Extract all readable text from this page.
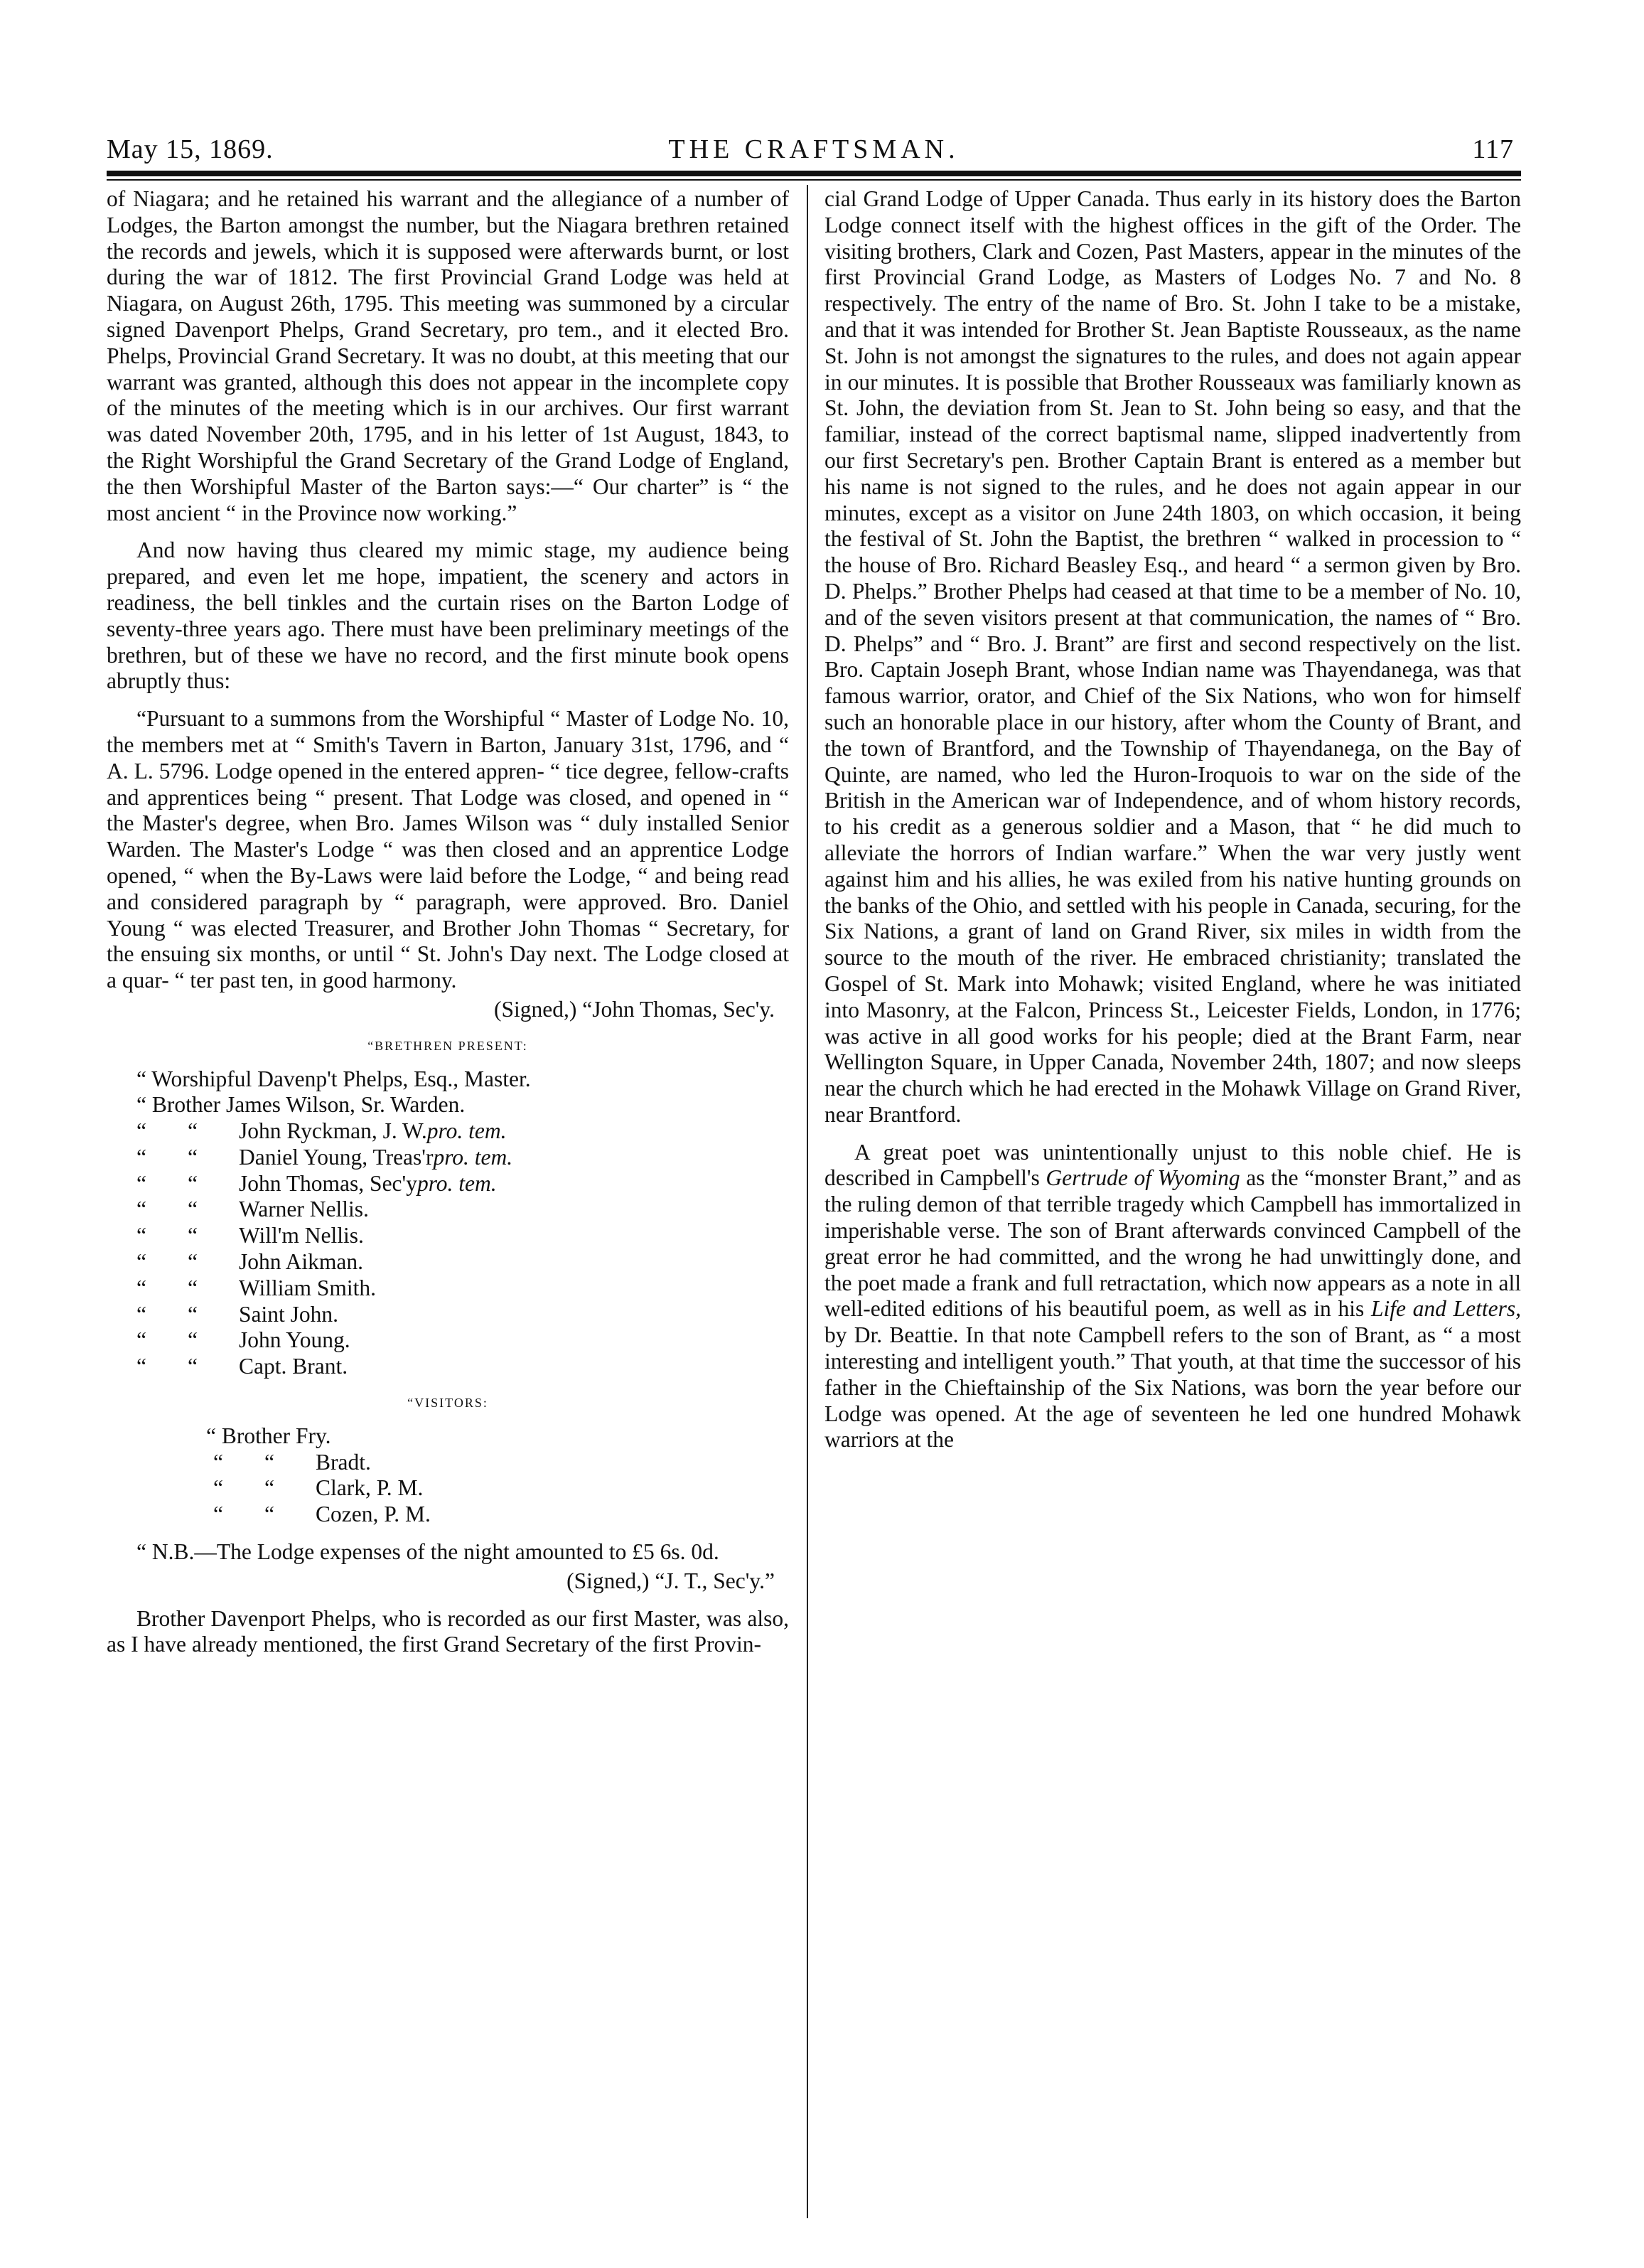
May 15, 1869.	THE CRAFTSMAN.	117

of Niagara; and he retained his warrant and the allegiance of a number of Lodges, the Barton amongst the number, but the Niagara brethren retained the records and jewels, which it is supposed were afterwards burnt, or lost during the war of 1812. The first Provincial Grand Lodge was held at Niagara, on August 26th, 1795. This meeting was summoned by a circular signed Davenport Phelps, Grand Secretary, pro tem., and it elected Bro. Phelps, Provincial Grand Secretary. It was no doubt, at this meeting that our warrant was granted, although this does not appear in the incomplete copy of the minutes of the meeting which is in our archives. Our first warrant was dated November 20th, 1795, and in his letter of 1st August, 1843, to the Right Worshipful the Grand Secretary of the Grand Lodge of England, the then Worshipful Master of the Barton says:—“ Our charter” is “ the most ancient “ in the Province now working.”

And now having thus cleared my mimic stage, my audience being prepared, and even let me hope, impatient, the scenery and actors in readiness, the bell tinkles and the curtain rises on the Barton Lodge of seventy-three years ago. There must have been preliminary meetings of the brethren, but of these we have no record, and the first minute book opens abruptly thus:

“Pursuant to a summons from the Worshipful “ Master of Lodge No. 10, the members met at “ Smith's Tavern in Barton, January 31st, 1796, and “ A. L. 5796. Lodge opened in the entered appren- “ tice degree, fellow-crafts and apprentices being “ present. That Lodge was closed, and opened in “ the Master's degree, when Bro. James Wilson was “ duly installed Senior Warden. The Master's Lodge “ was then closed and an apprentice Lodge opened, “ when the By-Laws were laid before the Lodge, “ and being read and considered paragraph by “ paragraph, were approved. Bro. Daniel Young “ was elected Treasurer, and Brother John Thomas “ Secretary, for the ensuing six months, or until “ St. John's Day next. The Lodge closed at a quar- “ ter past ten, in good harmony.

(Signed,) “John Thomas, Sec'y.

“BRETHREN PRESENT:

“ Worshipful Davenp't Phelps, Esq., Master.

“ Brother James Wilson, Sr. Warden.

“	“	John Ryckman, J. W. pro. tem.
“	“	Daniel Young, Treas'r pro. tem.
“	“	John Thomas, Sec'y pro. tem.
“	“	Warner Nellis.
“	“	Will'm Nellis.
“	“	John Aikman.
“	“	William Smith.
“	“	Saint John.
“	“	John Young.
“	“	Capt. Brant.
“VISITORS:

“ Brother Fry.

“	“	Bradt.
“	“	Clark, P. M.
“	“	Cozen, P. M.

“ N.B.—The Lodge expenses of the night amounted to £5 6s. 0d.

(Signed,) “J. T., Sec'y.”

Brother Davenport Phelps, who is recorded as our first Master, was also, as I have already mentioned, the first Grand Secretary of the first Provin-

cial Grand Lodge of Upper Canada. Thus early in its history does the Barton Lodge connect itself with the highest offices in the gift of the Order. The visiting brothers, Clark and Cozen, Past Masters, appear in the minutes of the first Provincial Grand Lodge, as Masters of Lodges No. 7 and No. 8 respectively. The entry of the name of Bro. St. John I take to be a mistake, and that it was intended for Brother St. Jean Baptiste Rousseaux, as the name St. John is not amongst the signatures to the rules, and does not again appear in our minutes. It is possible that Brother Rousseaux was familiarly known as St. John, the deviation from St. Jean to St. John being so easy, and that the familiar, instead of the correct baptismal name, slipped inadvertently from our first Secretary's pen. Brother Captain Brant is entered as a member but his name is not signed to the rules, and he does not again appear in our minutes, except as a visitor on June 24th 1803, on which occasion, it being the festival of St. John the Baptist, the brethren “ walked in procession to “ the house of Bro. Richard Beasley Esq., and heard “ a sermon given by Bro. D. Phelps.” Brother Phelps had ceased at that time to be a member of No. 10, and of the seven visitors present at that communication, the names of “ Bro. D. Phelps” and “ Bro. J. Brant” are first and second respectively on the list. Bro. Captain Joseph Brant, whose Indian name was Thayendanega, was that famous warrior, orator, and Chief of the Six Nations, who won for himself such an honorable place in our history, after whom the County of Brant, and the town of Brantford, and the Township of Thayendanega, on the Bay of Quinte, are named, who led the Huron-Iroquois to war on the side of the British in the American war of Independence, and of whom history records, to his credit as a generous soldier and a Mason, that “ he did much to alleviate the horrors of Indian warfare.” When the war very justly went against him and his allies, he was exiled from his native hunting grounds on the banks of the Ohio, and settled with his people in Canada, securing, for the Six Nations, a grant of land on Grand River, six miles in width from the source to the mouth of the river. He embraced christianity; translated the Gospel of St. Mark into Mohawk; visited England, where he was initiated into Masonry, at the Falcon, Princess St., Leicester Fields, London, in 1776; was active in all good works for his people; died at the Brant Farm, near Wellington Square, in Upper Canada, November 24th, 1807; and now sleeps near the church which he had erected in the Mohawk Village on Grand River, near Brantford.

A great poet was unintentionally unjust to this noble chief. He is described in Campbell's Gertrude of Wyoming as the “monster Brant,” and as the ruling demon of that terrible tragedy which Campbell has immortalized in imperishable verse. The son of Brant afterwards convinced Campbell of the great error he had committed, and the wrong he had unwittingly done, and the poet made a frank and full retractation, which now appears as a note in all well-edited editions of his beautiful poem, as well as in his Life and Letters, by Dr. Beattie. In that note Campbell refers to the son of Brant, as “ a most interesting and intelligent youth.” That youth, at that time the successor of his father in the Chieftainship of the Six Nations, was born the year before our Lodge was opened. At the age of seventeen he led one hundred Mohawk warriors at the
